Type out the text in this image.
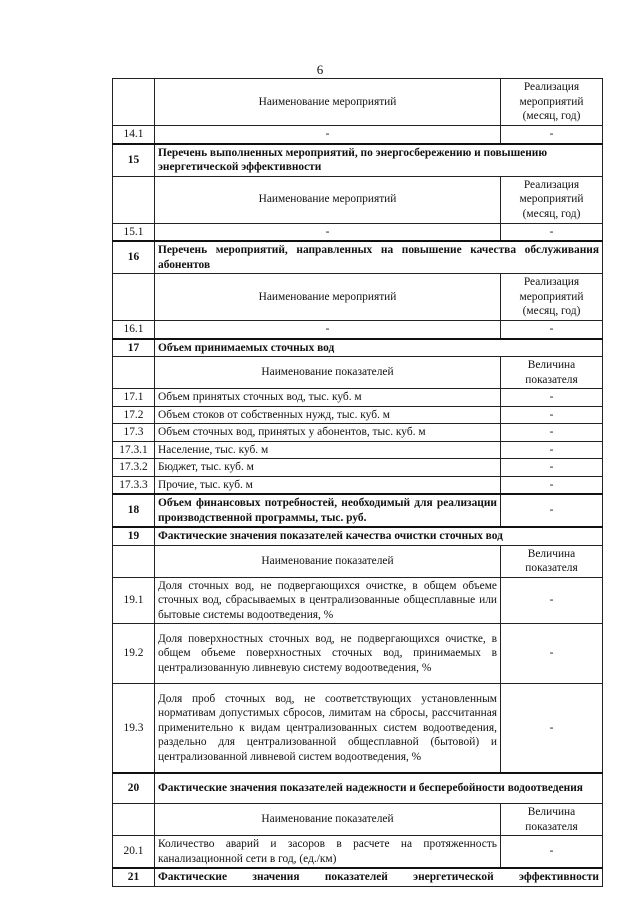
6
	Наименование мероприятий	Реализация мероприятий (месяц, год)
14.1	-	-
15	Перечень выполненных мероприятий, по энергосбережению и повышению энергетической эффективности	
	Наименование мероприятий	Реализация мероприятий (месяц, год)
15.1	-	-
16	Перечень мероприятий, направленных на повышение качества обслуживания абонентов	
	Наименование мероприятий	Реализация мероприятий (месяц, год)
16.1	-	-
17	Объем принимаемых сточных вод	
	Наименование показателей	Величина показателя
17.1	Объем принятых сточных вод, тыс. куб. м	-
17.2	Объем стоков от собственных нужд, тыс. куб. м	-
17.3	Объем сточных вод, принятых у абонентов, тыс. куб. м	-
17.3.1	Население, тыс. куб. м	-
17.3.2	Бюджет, тыс. куб. м	-
17.3.3	Прочие, тыс. куб. м	-
18	Объем финансовых потребностей, необходимый для реализации производственной программы, тыс. руб.	-
19	Фактические значения показателей качества очистки сточных вод	
	Наименование показателей	Величина показателя
19.1	Доля сточных вод, не подвергающихся очистке, в общем объеме сточных вод, сбрасываемых в централизованные общесплавные или бытовые системы водоотведения, %	-
19.2	Доля поверхностных сточных вод, не подвергающихся очистке, в общем объеме поверхностных сточных вод, принимаемых в централизованную ливневую систему водоотведения, %	-
19.3	Доля проб сточных вод, не соответствующих установленным нормативам допустимых сбросов, лимитам на сбросы, рассчитанная применительно к видам централизованных систем водоотведения, раздельно для централизованной общесплавной (бытовой) и централизованной ливневой систем водоотведения, %	-
20	Фактические значения показателей надежности и бесперебойности водоотведения	
	Наименование показателей	Величина показателя
20.1	Количество аварий и засоров в расчете на протяженность канализационной сети в год, (ед./км)	-
21	Фактические значения показателей энергетической эффективности	
